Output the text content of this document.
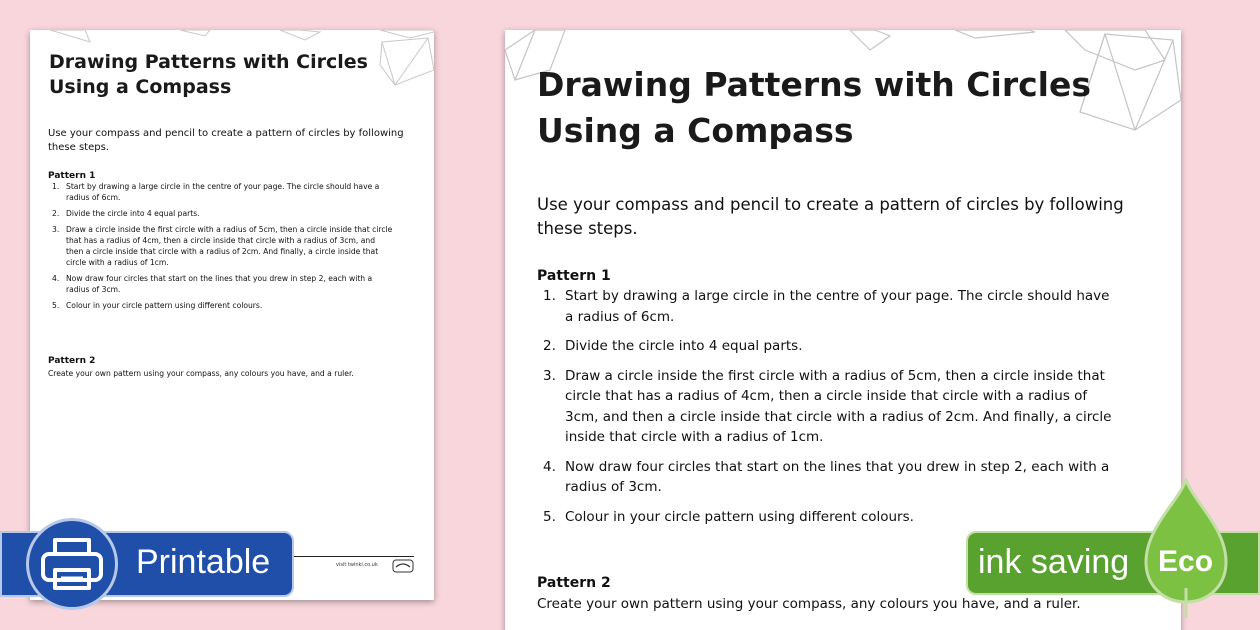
Drawing Patterns with Circles Using a Compass
Use your compass and pencil to create a pattern of circles by following these steps.
Pattern 1
1. Start by drawing a large circle in the centre of your page. The circle should have a radius of 6cm.
2. Divide the circle into 4 equal parts.
3. Draw a circle inside the first circle with a radius of 5cm, then a circle inside that circle that has a radius of 4cm, then a circle inside that circle with a radius of 3cm, and then a circle inside that circle with a radius of 2cm. And finally, a circle inside that circle with a radius of 1cm.
4. Now draw four circles that start on the lines that you drew in step 2, each with a radius of 3cm.
5. Colour in your circle pattern using different colours.
Pattern 2
Create your own pattern using your compass, any colours you have, and a ruler.
visit twinkl.co.uk
Drawing Patterns with Circles Using a Compass
Use your compass and pencil to create a pattern of circles by following these steps.
Pattern 1
1. Start by drawing a large circle in the centre of your page. The circle should have a radius of 6cm.
2. Divide the circle into 4 equal parts.
3. Draw a circle inside the first circle with a radius of 5cm, then a circle inside that circle that has a radius of 4cm, then a circle inside that circle with a radius of 3cm, and then a circle inside that circle with a radius of 2cm. And finally, a circle inside that circle with a radius of 1cm.
4. Now draw four circles that start on the lines that you drew in step 2, each with a radius of 3cm.
5. Colour in your circle pattern using different colours.
Pattern 2
Create your own pattern using your compass, any colours you have, and a ruler.
Printable	ink saving Eco
